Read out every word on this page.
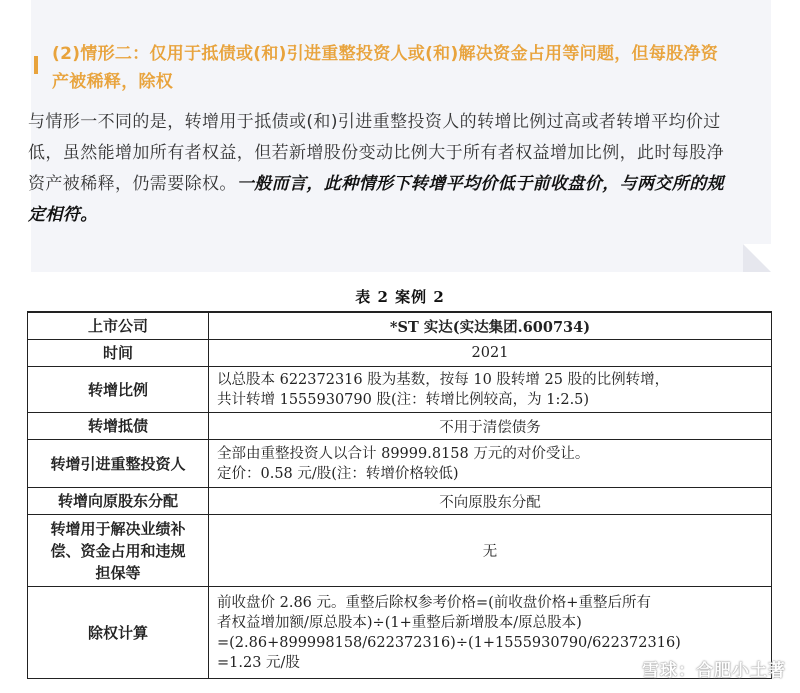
(2)情形二：仅用于抵债或(和)引进重整投资人或(和)解决资金占用等问题，但每股净资产被稀释，除权
与情形一不同的是，转增用于抵债或(和)引进重整投资人的转增比例过高或者转增平均价过低，虽然能增加所有者权益，但若新增股份变动比例大于所有者权益增加比例，此时每股净资产被稀释，仍需要除权。一般而言，此种情形下转增平均价低于前收盘价，与两交所的规定相符。
表 2 案例 2
上市公司	*ST 实达(实达集团.600734)
时间	2021
转增比例	以总股本 622372316 股为基数，按每 10 股转增 25 股的比例转增，
共计转增 1555930790 股(注：转增比例较高，为 1:2.5)

转增抵债	不用于清偿债务
转增引进重整投资人	全部由重整投资人以合计 89999.8158 万元的对价受让。
定价：0.58 元/股(注：转增价格较低)

转增向原股东分配	不向原股东分配

转增用于解决业绩补
偿、资金占用和违规
担保等	无
除权计算	前收盘价 2.86 元。重整后除权参考价格=(前收盘价格+重整后所有
者权益增加额/原总股本)÷(1+重整后新增股本/原总股本)
=(2.86+899998158/622372316)÷(1+1555930790/622372316)
=1.23 元/股	雪球：合肥小土著
